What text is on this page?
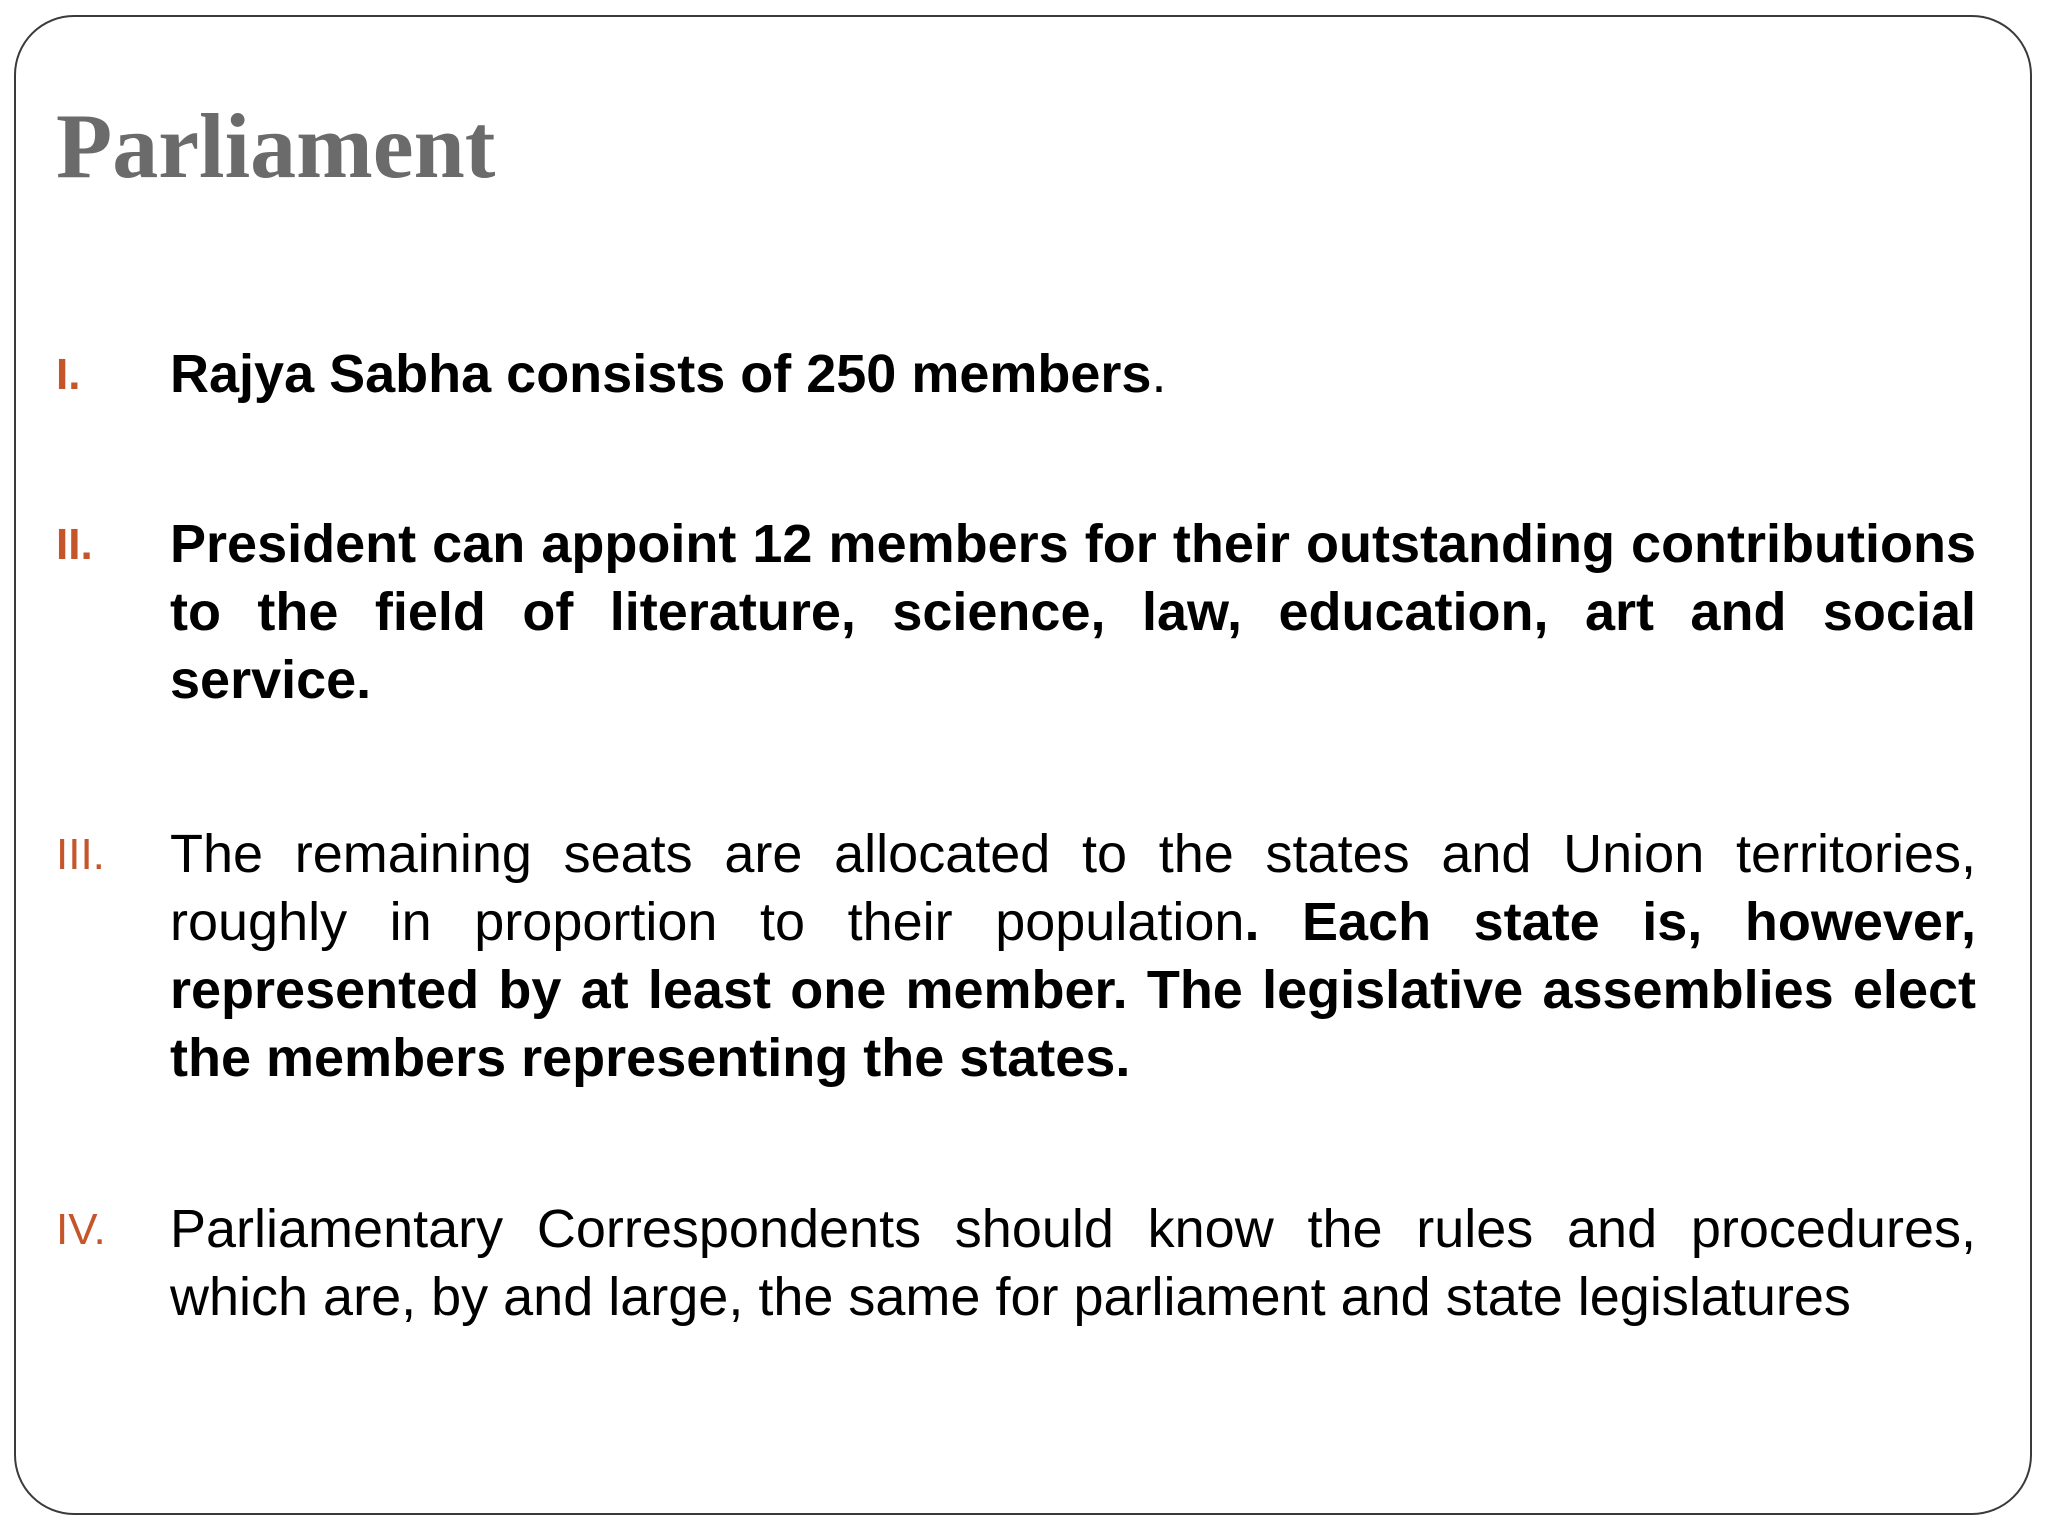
Parliament
I. Rajya Sabha consists of 250 members.

II. President can appoint 12 members for their outstanding contributions to the field of literature, science, law, education, art and social service.

III. The remaining seats are allocated to the states and Union territories, roughly in proportion to their population. Each state is, however, represented by at least one member. The legislative assemblies elect the members representing the states.

IV. Parliamentary Correspondents should know the rules and procedures, which are, by and large, the same for parliament and state legislatures
